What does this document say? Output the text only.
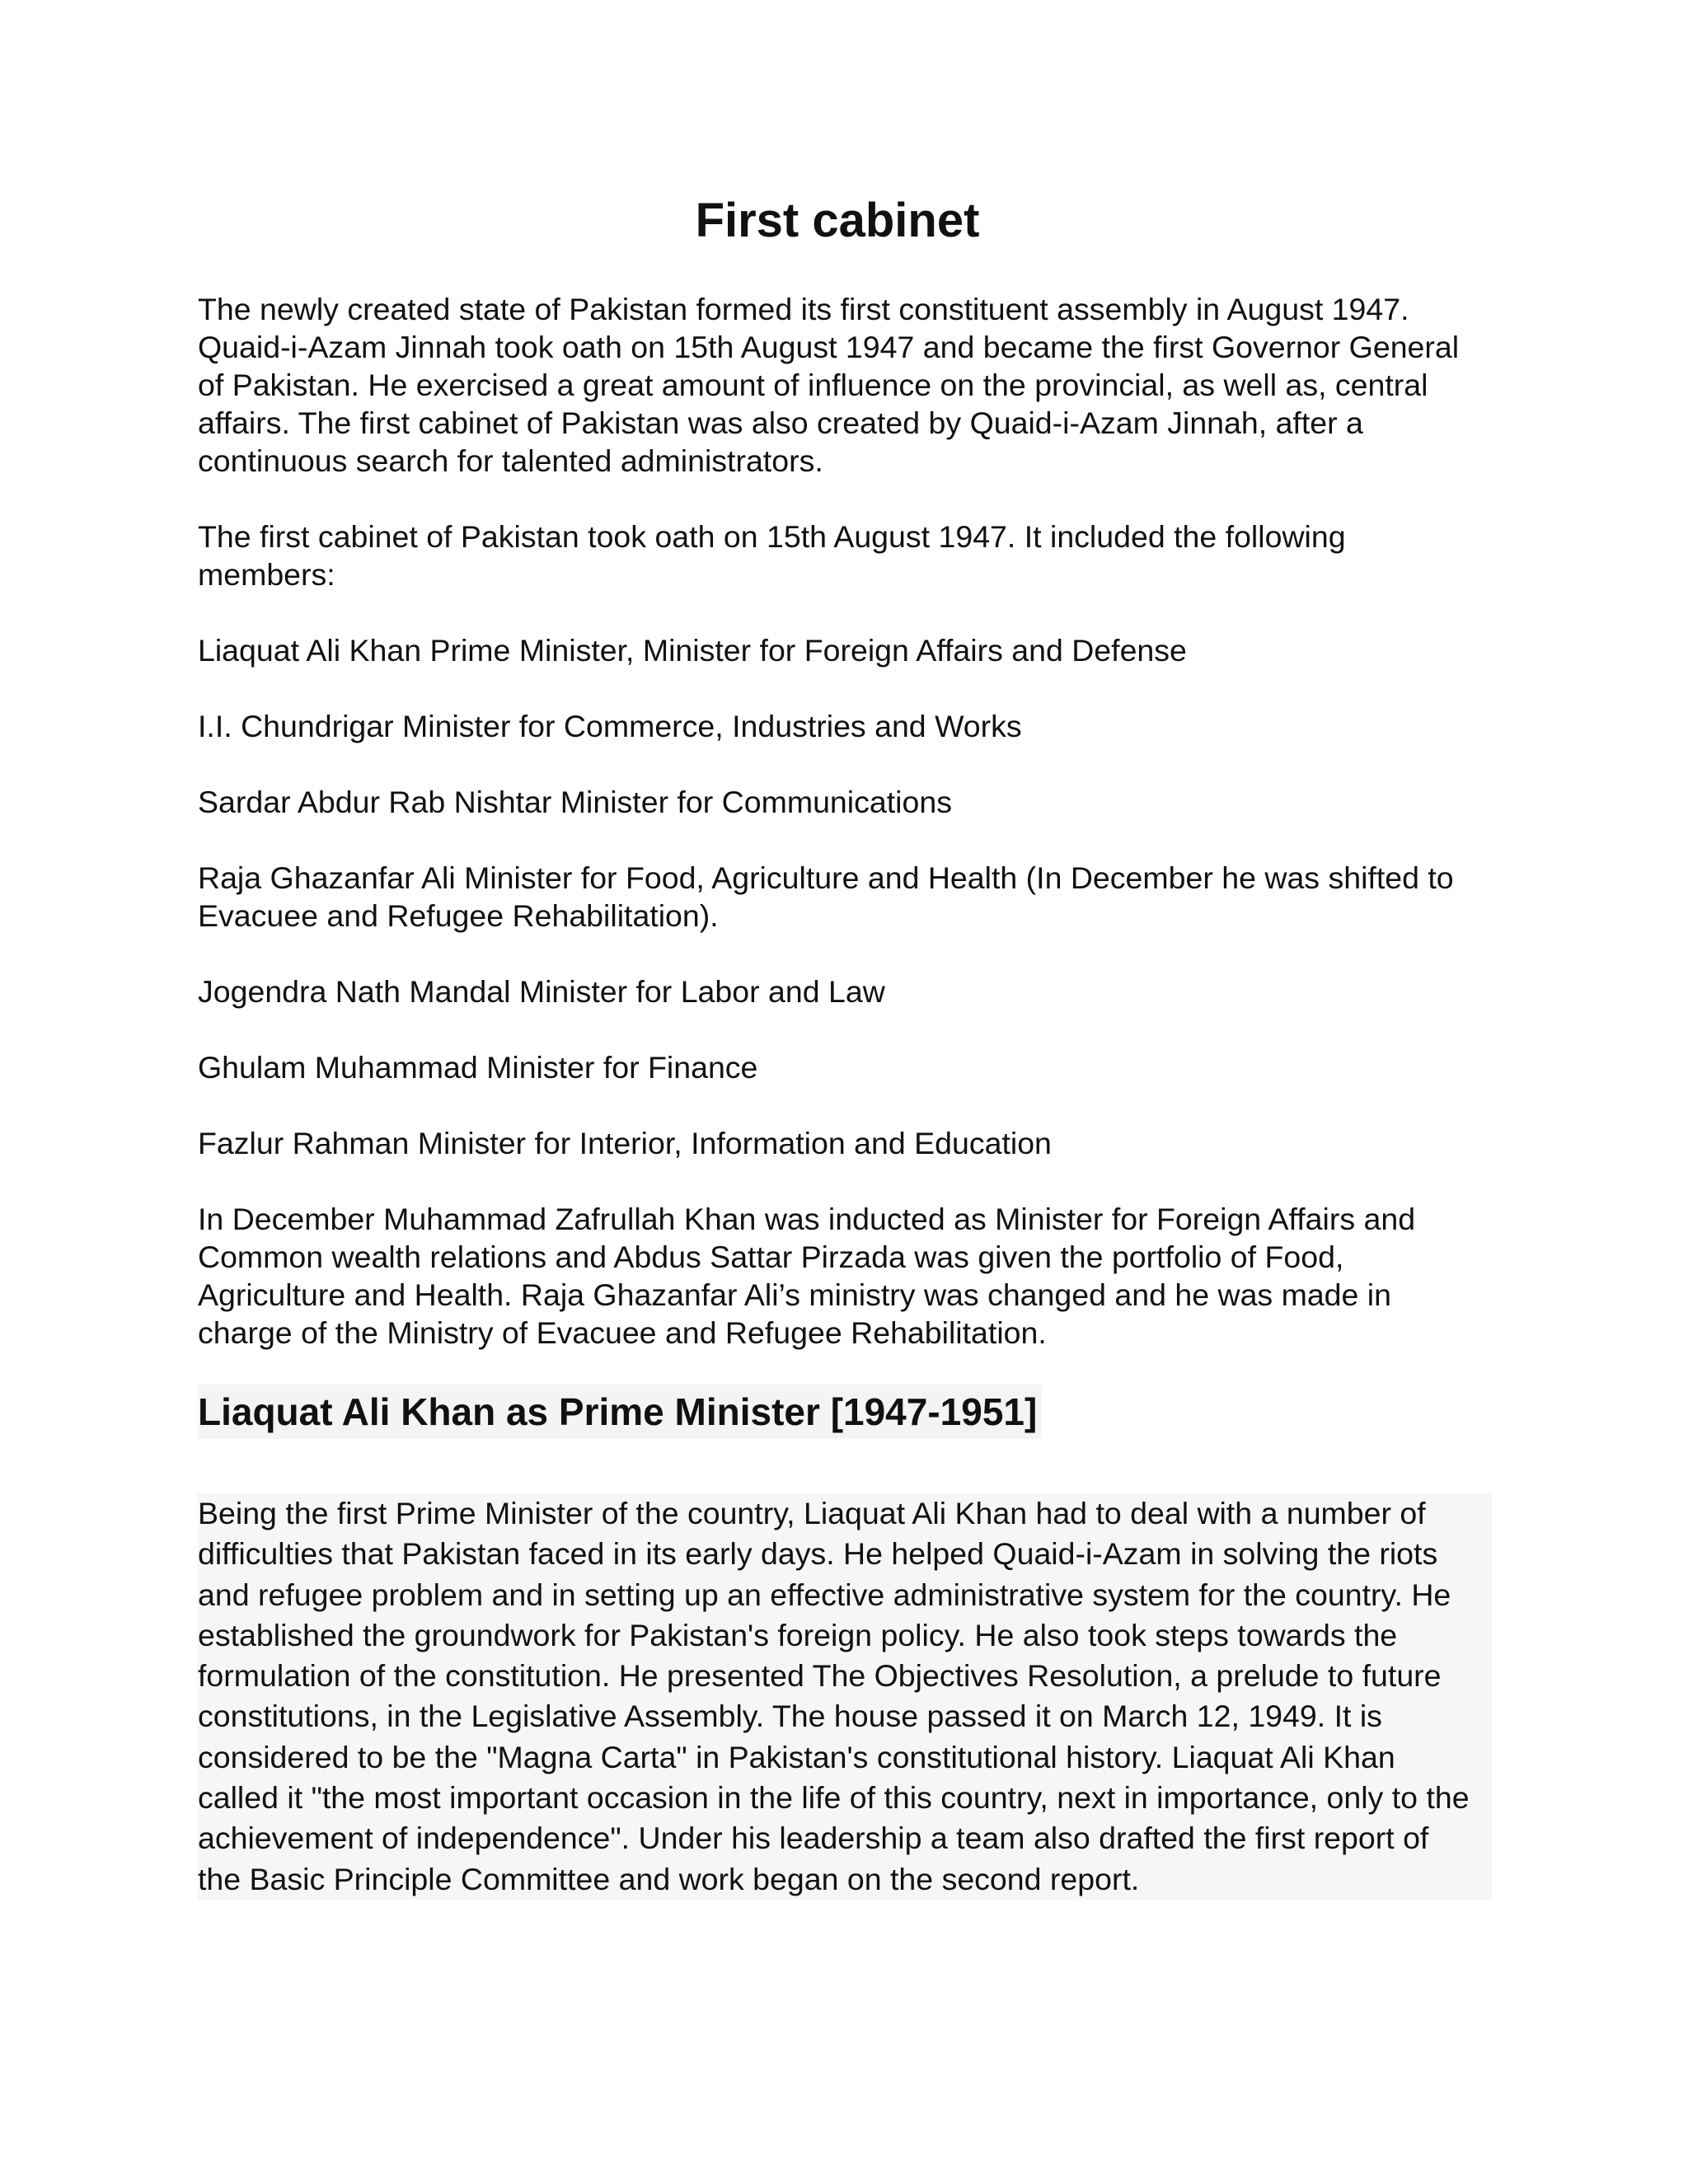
First cabinet

The newly created state of Pakistan formed its first constituent assembly in August 1947. Quaid-i-Azam Jinnah took oath on 15th August 1947 and became the first Governor General of Pakistan. He exercised a great amount of influence on the provincial, as well as, central affairs. The first cabinet of Pakistan was also created by Quaid-i-Azam Jinnah, after a continuous search for talented administrators.

The first cabinet of Pakistan took oath on 15th August 1947. It included the following members:

Liaquat Ali Khan Prime Minister, Minister for Foreign Affairs and Defense

I.I. Chundrigar Minister for Commerce, Industries and Works

Sardar Abdur Rab Nishtar Minister for Communications

Raja Ghazanfar Ali Minister for Food, Agriculture and Health (In December he was shifted to Evacuee and Refugee Rehabilitation).

Jogendra Nath Mandal Minister for Labor and Law

Ghulam Muhammad Minister for Finance

Fazlur Rahman Minister for Interior, Information and Education

In December Muhammad Zafrullah Khan was inducted as Minister for Foreign Affairs and Common wealth relations and Abdus Sattar Pirzada was given the portfolio of Food, Agriculture and Health. Raja Ghazanfar Ali’s ministry was changed and he was made in charge of the Ministry of Evacuee and Refugee Rehabilitation.

Liaquat Ali Khan as Prime Minister [1947-1951]

Being the first Prime Minister of the country, Liaquat Ali Khan had to deal with a number of difficulties that Pakistan faced in its early days. He helped Quaid-i-Azam in solving the riots and refugee problem and in setting up an effective administrative system for the country. He established the groundwork for Pakistan's foreign policy. He also took steps towards the formulation of the constitution. He presented The Objectives Resolution, a prelude to future constitutions, in the Legislative Assembly. The house passed it on March 12, 1949. It is considered to be the "Magna Carta" in Pakistan's constitutional history. Liaquat Ali Khan called it "the most important occasion in the life of this country, next in importance, only to the achievement of independence". Under his leadership a team also drafted the first report of the Basic Principle Committee and work began on the second report.
